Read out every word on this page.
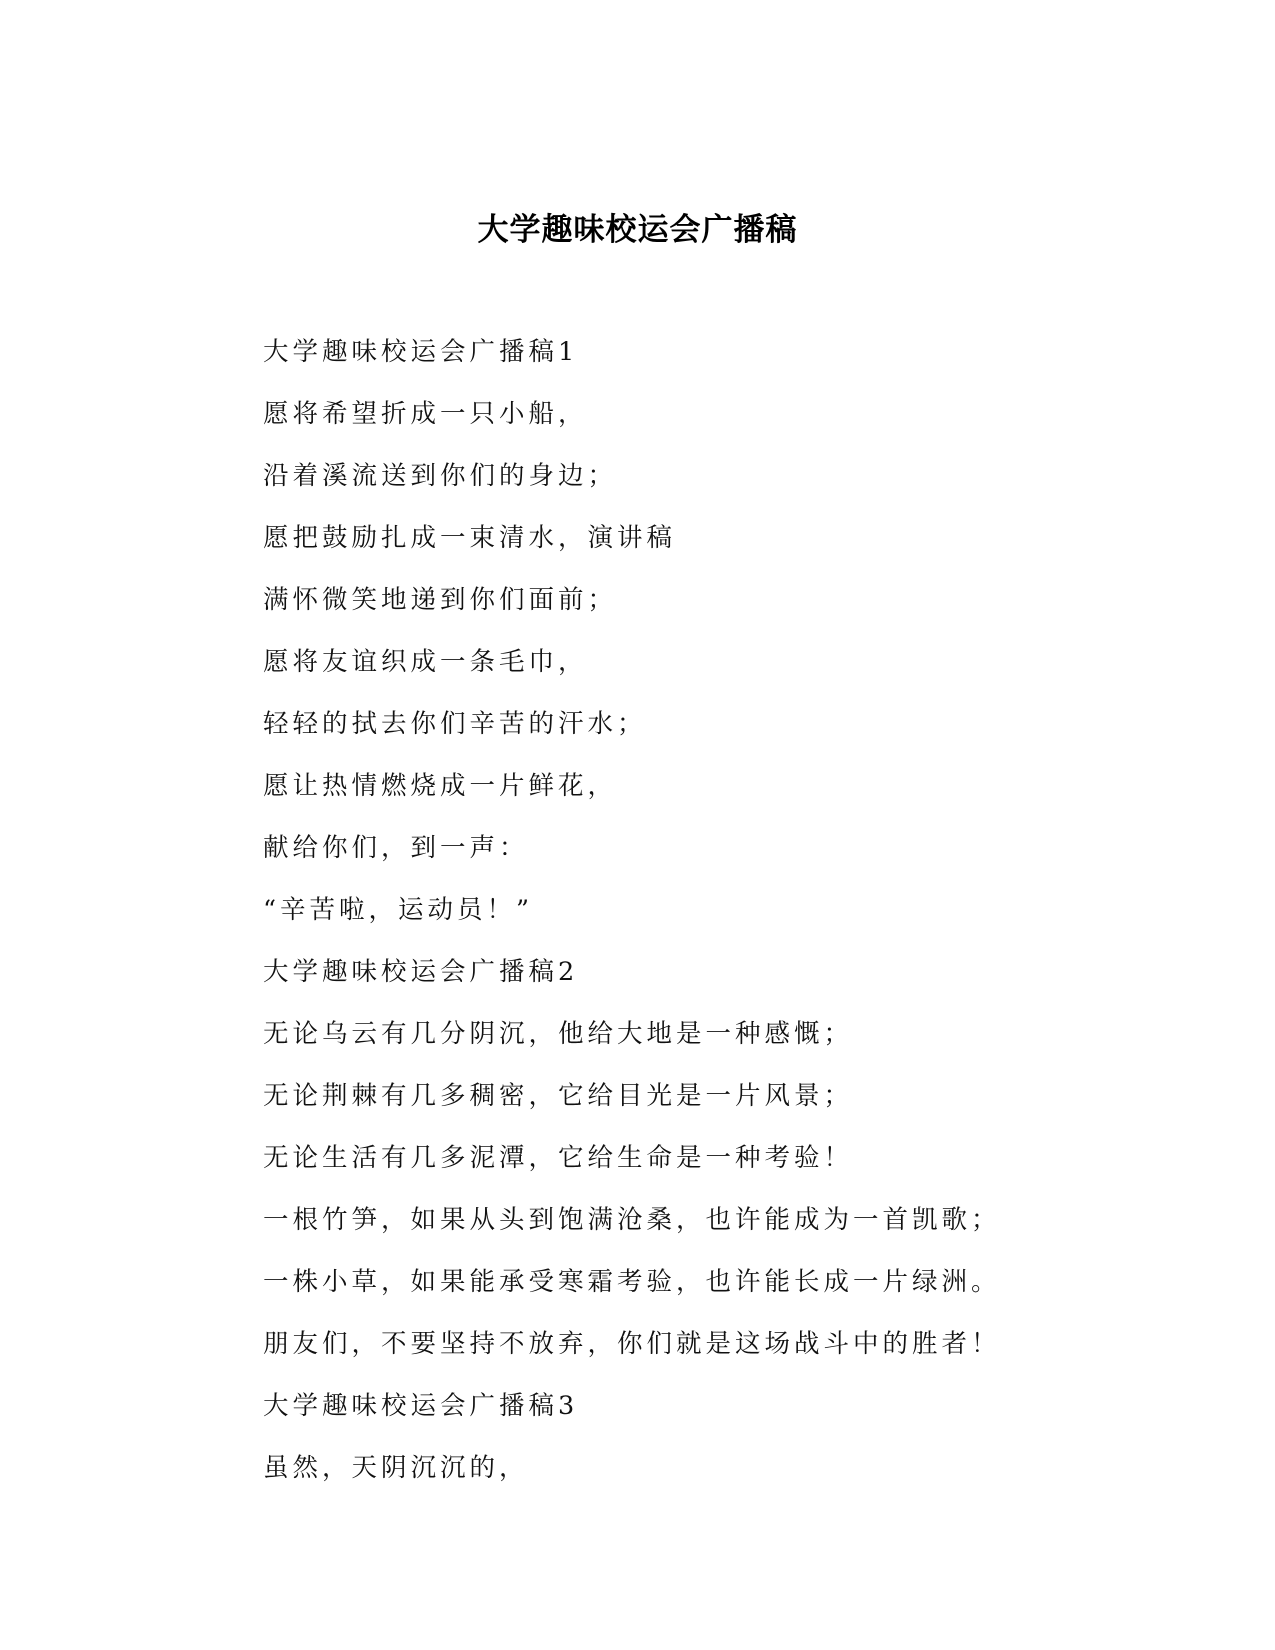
大学趣味校运会广播稿
大学趣味校运会广播稿1
愿将希望折成一只小船，
沿着溪流送到你们的身边；
愿把鼓励扎成一束清水，演讲稿
满怀微笑地递到你们面前；
愿将友谊织成一条毛巾，
轻轻的拭去你们辛苦的汗水；
愿让热情燃烧成一片鲜花，
献给你们，到一声：
“辛苦啦，运动员！”
大学趣味校运会广播稿2
无论乌云有几分阴沉，他给大地是一种感慨；
无论荆棘有几多稠密，它给目光是一片风景；
无论生活有几多泥潭，它给生命是一种考验！
一根竹笋，如果从头到饱满沧桑，也许能成为一首凯歌；
一株小草，如果能承受寒霜考验，也许能长成一片绿洲。
朋友们，不要坚持不放弃，你们就是这场战斗中的胜者！
大学趣味校运会广播稿3
虽然，天阴沉沉的，
